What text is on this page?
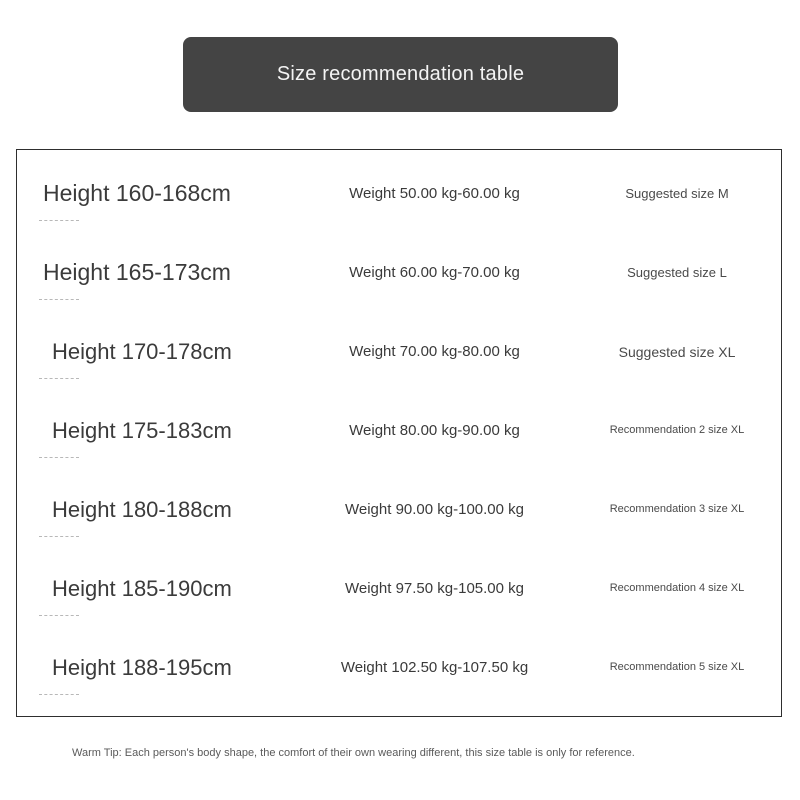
Size recommendation table
Height 160-168cm	Weight 50.00 kg-60.00 kg	Suggested size M
Height 165-173cm	Weight 60.00 kg-70.00 kg	Suggested size L
Height 170-178cm	Weight 70.00 kg-80.00 kg	Suggested size XL
Height 175-183cm	Weight 80.00 kg-90.00 kg	Recommendation 2 size XL
Height 180-188cm	Weight 90.00 kg-100.00 kg	Recommendation 3 size XL
Height 185-190cm	Weight 97.50 kg-105.00 kg	Recommendation 4 size XL
Height 188-195cm	Weight 102.50 kg-107.50 kg	Recommendation 5 size XL
Warm Tip: Each person's body shape, the comfort of their own wearing different, this size table is only for reference.
